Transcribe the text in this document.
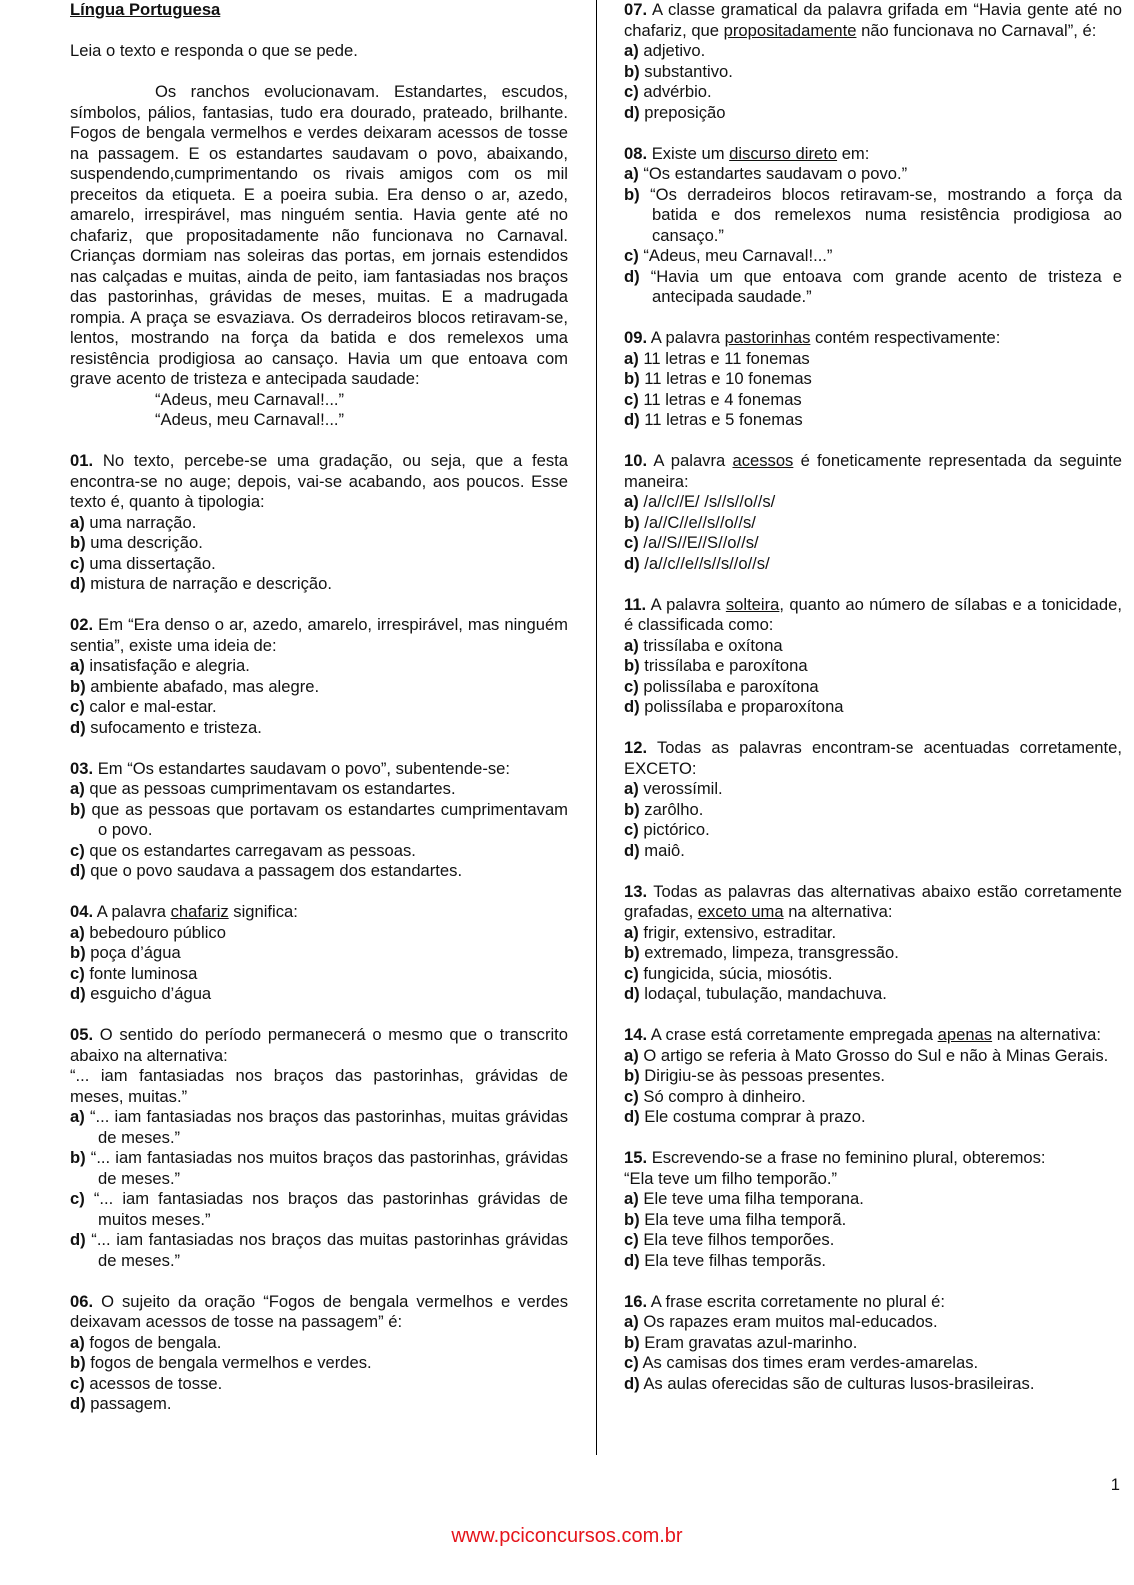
Língua Portuguesa

Leia o texto e responda o que se pede.

Os ranchos evolucionavam. Estandartes, escudos, símbolos, pálios, fantasias, tudo era dourado, prateado, brilhante. Fogos de bengala vermelhos e verdes deixaram acessos de tosse na passagem. E os estandartes saudavam o povo, abaixando, suspendendo,cumprimentando os rivais amigos com os mil preceitos da etiqueta. E a poeira subia. Era denso o ar, azedo, amarelo, irrespirável, mas ninguém sentia. Havia gente até no chafariz, que propositadamente não funcionava no Carnaval. Crianças dormiam nas soleiras das portas, em jornais estendidos nas calçadas e muitas, ainda de peito, iam fantasiadas nos braços das pastorinhas, grávidas de meses, muitas. E a madrugada rompia. A praça se esvaziava. Os derradeiros blocos retiravam-se, lentos, mostrando na força da batida e dos remelexos uma resistência prodigiosa ao cansaço. Havia um que entoava com grave acento de tristeza e antecipada saudade:

“Adeus, meu Carnaval!...”

“Adeus, meu Carnaval!...”

01. No texto, percebe-se uma gradação, ou seja, que a festa encontra-se no auge; depois, vai-se acabando, aos poucos. Esse texto é, quanto à tipologia:

a) uma narração.

b) uma descrição.

c) uma dissertação.

d) mistura de narração e descrição.

02. Em “Era denso o ar, azedo, amarelo, irrespirável, mas ninguém sentia”, existe uma ideia de:

a) insatisfação e alegria.

b) ambiente abafado, mas alegre.

c) calor e mal-estar.

d) sufocamento e tristeza.

03. Em “Os estandartes saudavam o povo”, subentende-se:

a) que as pessoas cumprimentavam os estandartes.

b) que as pessoas que portavam os estandartes cumprimentavam o povo.

c) que os estandartes carregavam as pessoas.

d) que o povo saudava a passagem dos estandartes.

04. A palavra chafariz significa:

a) bebedouro público

b) poça d’água

c) fonte luminosa

d) esguicho d’água

05. O sentido do período permanecerá o mesmo que o transcrito abaixo na alternativa:

“... iam fantasiadas nos braços das pastorinhas, grávidas de meses, muitas.”

a) “... iam fantasiadas nos braços das pastorinhas, muitas grávidas de meses.”

b) “... iam fantasiadas nos muitos braços das pastorinhas, grávidas de meses.”

c) “... iam fantasiadas nos braços das pastorinhas grávidas de muitos meses.”

d) “... iam fantasiadas nos braços das muitas pastorinhas grávidas de meses.”

06. O sujeito da oração “Fogos de bengala vermelhos e verdes deixavam acessos de tosse na passagem” é:

a) fogos de bengala.

b) fogos de bengala vermelhos e verdes.

c) acessos de tosse.

d) passagem.

07. A classe gramatical da palavra grifada em “Havia gente até no chafariz, que propositadamente não funcionava no Carnaval”, é:

a) adjetivo.

b) substantivo.

c) advérbio.

d) preposição

08. Existe um discurso direto em:

a) “Os estandartes saudavam o povo.”

b) “Os derradeiros blocos retiravam-se, mostrando a força da batida e dos remelexos numa resistência prodigiosa ao cansaço.”

c) “Adeus, meu Carnaval!...”

d) “Havia um que entoava com grande acento de tristeza e antecipada saudade.”

09. A palavra pastorinhas contém respectivamente:

a) 11 letras e 11 fonemas

b) 11 letras e 10 fonemas

c) 11 letras e 4 fonemas

d) 11 letras e 5 fonemas

10. A palavra acessos é foneticamente representada da seguinte maneira:

a) /a//c//E/ /s//s//o//s/

b) /a//C//e//s//o//s/

c) /a//S//E//S//o//s/

d) /a//c//e//s//s//o//s/

11. A palavra solteira, quanto ao número de sílabas e a tonicidade, é classificada como:

a) trissílaba e oxítona

b) trissílaba e paroxítona

c) polissílaba e paroxítona

d) polissílaba e proparoxítona

12. Todas as palavras encontram-se acentuadas corretamente, EXCETO:

a) verossímil.

b) zarôlho.

c) pictórico.

d) maiô.

13. Todas as palavras das alternativas abaixo estão corretamente grafadas, exceto uma na alternativa:

a) frigir, extensivo, estraditar.

b) extremado, limpeza, transgressão.

c) fungicida, súcia, miosótis.

d) lodaçal, tubulação, mandachuva.

14. A crase está corretamente empregada apenas na alternativa:

a) O artigo se referia à Mato Grosso do Sul e não à Minas Gerais.

b) Dirigiu-se às pessoas presentes.

c) Só compro à dinheiro.

d) Ele costuma comprar à prazo.

15. Escrevendo-se a frase no feminino plural, obteremos:

“Ela teve um filho temporão.”

a) Ele teve uma filha temporana.

b) Ela teve uma filha temporã.

c) Ela teve filhos temporões.

d) Ela teve filhas temporãs.

16. A frase escrita corretamente no plural é:

a) Os rapazes eram muitos mal-educados.

b) Eram gravatas azul-marinho.

c) As camisas dos times eram verdes-amarelas.

d) As aulas oferecidas são de culturas lusos-brasileiras.

1
www.pciconcursos.com.br
